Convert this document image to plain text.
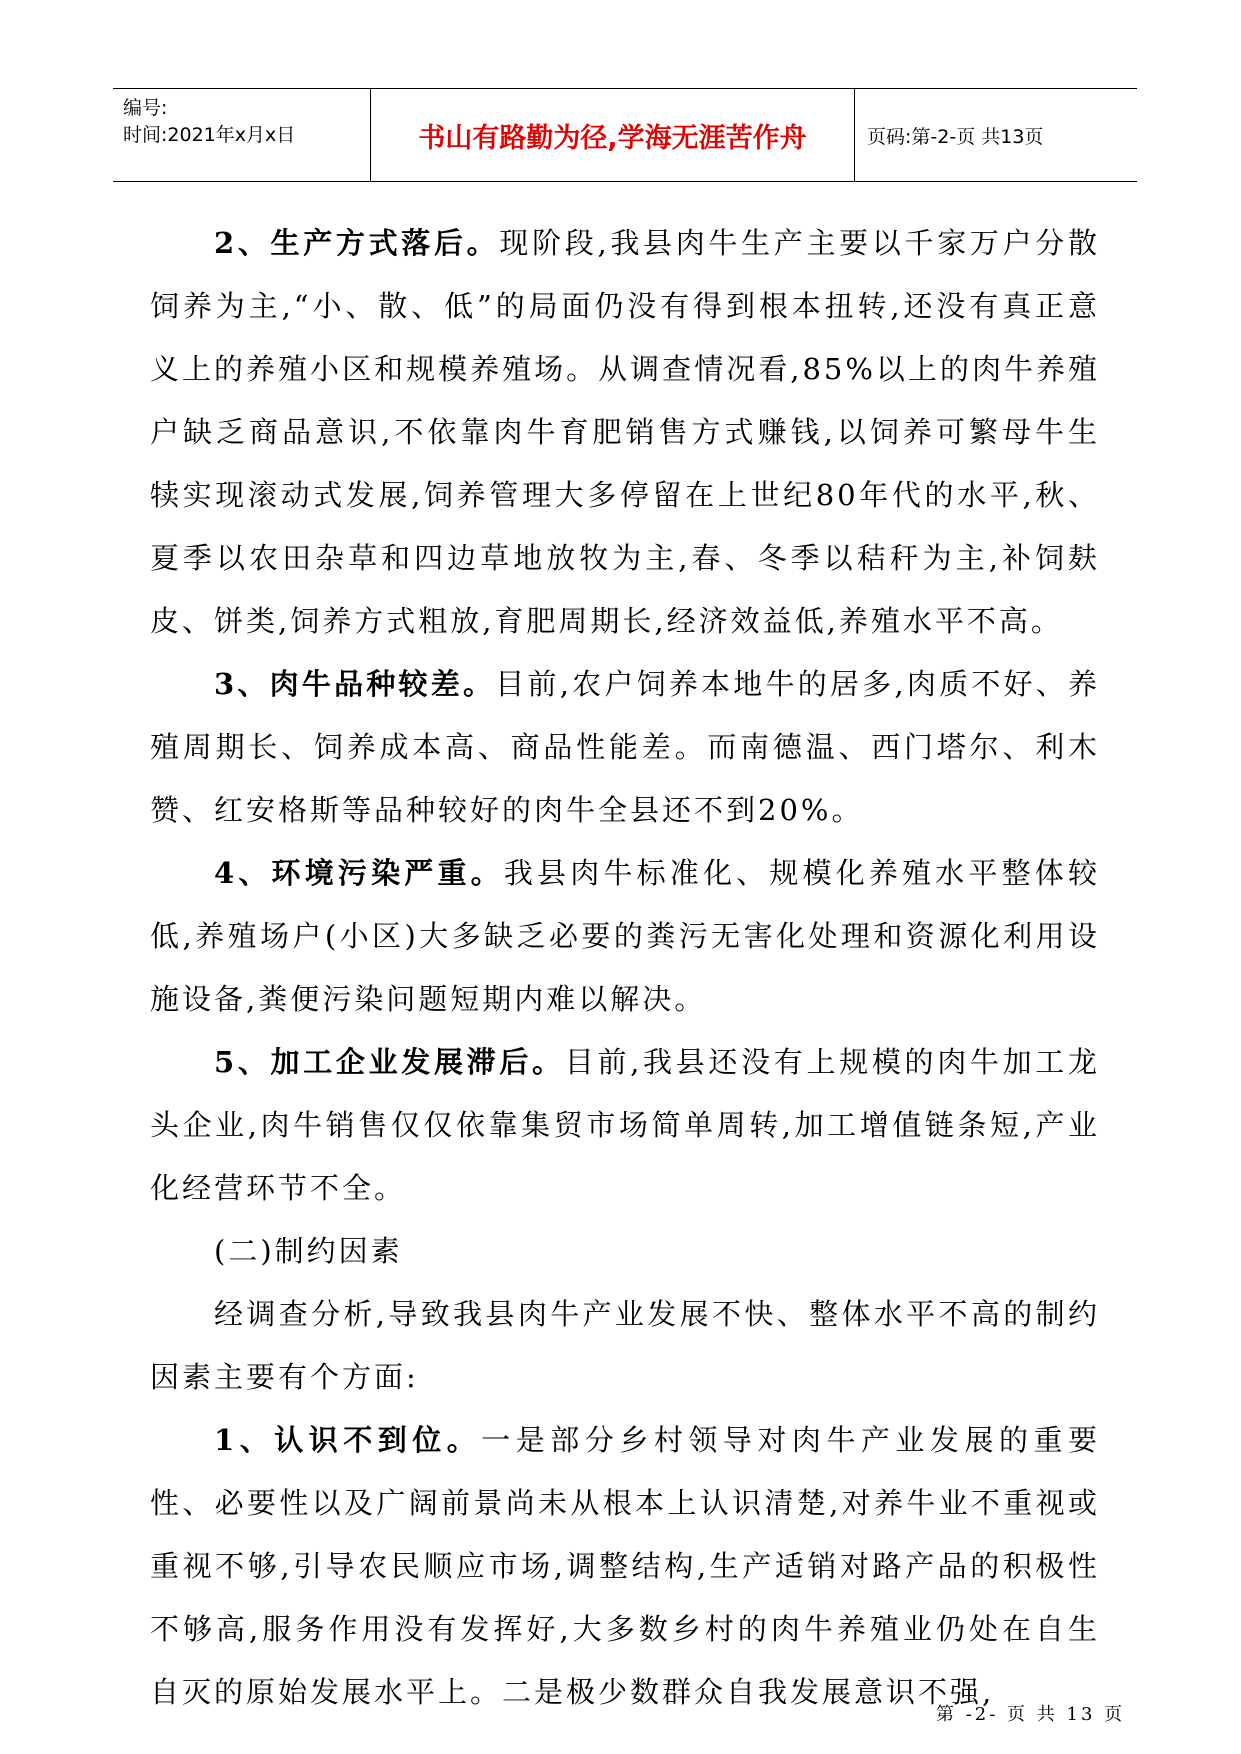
编号:
时间:2021年x月x日	书山有路勤为径,学海无涯苦作舟	页码:第-2-页 共13页

2、生产方式落后。现阶段,我县肉牛生产主要以千家万户分散饲养为主,“小、散、低”的局面仍没有得到根本扭转,还没有真正意义上的养殖小区和规模养殖场。从调查情况看,85%以上的肉牛养殖户缺乏商品意识,不依靠肉牛育肥销售方式赚钱,以饲养可繁母牛生犊实现滚动式发展,饲养管理大多停留在上世纪80年代的水平,秋、夏季以农田杂草和四边草地放牧为主,春、冬季以秸秆为主,补饲麸皮、饼类,饲养方式粗放,育肥周期长,经济效益低,养殖水平不高。

3、肉牛品种较差。目前,农户饲养本地牛的居多,肉质不好、养殖周期长、饲养成本高、商品性能差。而南德温、西门塔尔、利木赞、红安格斯等品种较好的肉牛全县还不到20%。

4、环境污染严重。我县肉牛标准化、规模化养殖水平整体较低,养殖场户(小区)大多缺乏必要的粪污无害化处理和资源化利用设施设备,粪便污染问题短期内难以解决。

5、加工企业发展滞后。目前,我县还没有上规模的肉牛加工龙头企业,肉牛销售仅仅依靠集贸市场简单周转,加工增值链条短,产业化经营环节不全。

(二)制约因素

经调查分析,导致我县肉牛产业发展不快、整体水平不高的制约因素主要有个方面:

1、认识不到位。一是部分乡村领导对肉牛产业发展的重要性、必要性以及广阔前景尚未从根本上认识清楚,对养牛业不重视或重视不够,引导农民顺应市场,调整结构,生产适销对路产品的积极性不够高,服务作用没有发挥好,大多数乡村的肉牛养殖业仍处在自生自灭的原始发展水平上。二是极少数群众自我发展意识不强,

第 -2- 页 共 13 页
